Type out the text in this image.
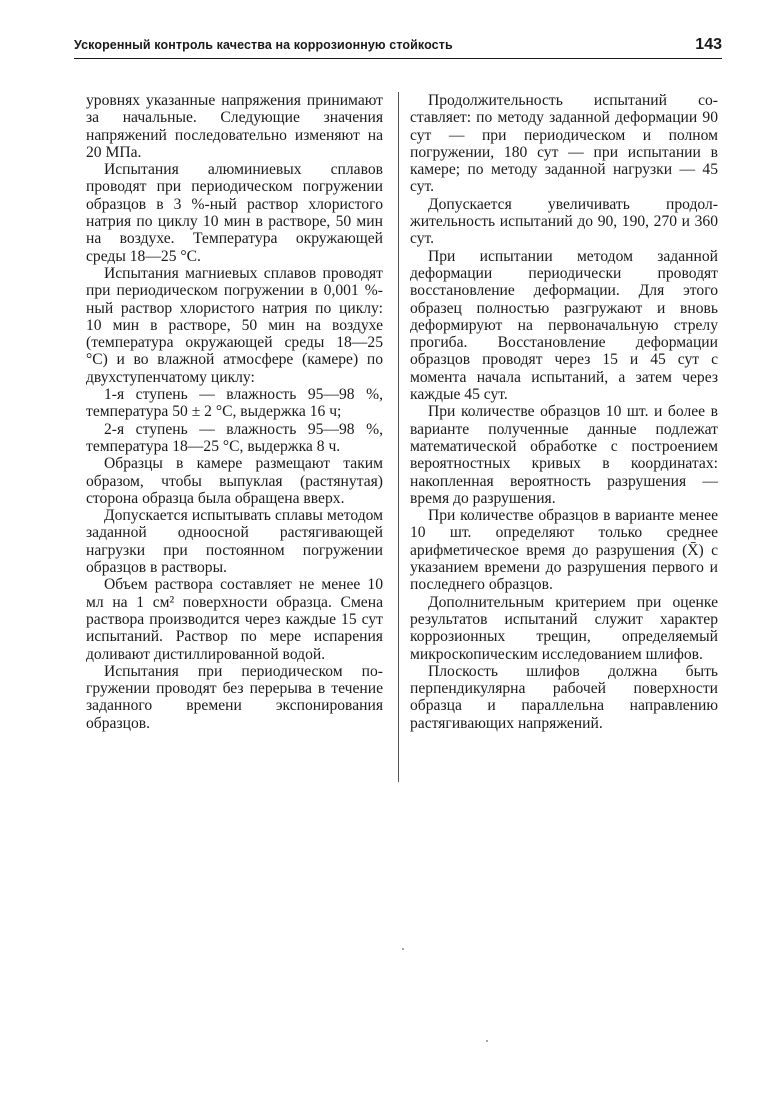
Ускоренный контроль качества на коррозионную стойкость	143

уровнях указанные напряжения принимают за начальные. Следующие значения напряжений последовательно изменяют на 20 МПа.

Испытания алюминиевых сплавов проводят при периодическом погружении образцов в 3 %-ный раствор хлористого натрия по циклу 10 мин в растворе, 50 мин на воздухе. Температура окружающей среды 18—25 °С.

Испытания магниевых сплавов проводят при периодическом погружении в 0,001 %-ный раствор хлористого натрия по циклу: 10 мин в растворе, 50 мин на воздухе (температура окружающей среды 18—25 °С) и во влажной атмосфере (камере) по двухступенчатому циклу:

1-я ступень — влажность 95—98 %, температура 50 ± 2 °С, выдержка 16 ч;

2-я ступень — влажность 95—98 %, температура 18—25 °С, выдержка 8 ч.

Образцы в камере размещают таким образом, чтобы выпуклая (растянутая) сторона образца была обращена вверх.

Допускается испытывать сплавы методом заданной одноосной растягивающей нагрузки при постоянном погружении образцов в растворы.

Объем раствора составляет не менее 10 мл на 1 см² поверхности образца. Смена раствора производится через каждые 15 сут испытаний. Раствор по мере испарения доливают дистиллированной водой.

Испытания при периодическом погружении проводят без перерыва в течение заданного времени экспонирования образцов.

Продолжительность испытаний составляет: по методу заданной деформации 90 сут — при периодическом и полном погружении, 180 сут — при испытании в камере; по методу заданной нагрузки — 45 сут.

Допускается увеличивать продолжительность испытаний до 90, 190, 270 и 360 сут.

При испытании методом заданной деформации периодически проводят восстановление деформации. Для этого образец полностью разгружают и вновь деформируют на первоначальную стрелу прогиба. Восстановление деформации образцов проводят через 15 и 45 сут с момента начала испытаний, а затем через каждые 45 сут.

При количестве образцов 10 шт. и более в варианте полученные данные подлежат математической обработке с построением вероятностных кривых в координатах: накопленная вероятность разрушения — время до разрушения.

При количестве образцов в варианте менее 10 шт. определяют только среднее арифметическое время до разрушения (X̄) с указанием времени до разрушения первого и последнего образцов.

Дополнительным критерием при оценке результатов испытаний служит характер коррозионных трещин, определяемый микроскопическим исследованием шлифов.

Плоскость шлифов должна быть перпендикулярна рабочей поверхности образца и параллельна направлению растягивающих напряжений.
